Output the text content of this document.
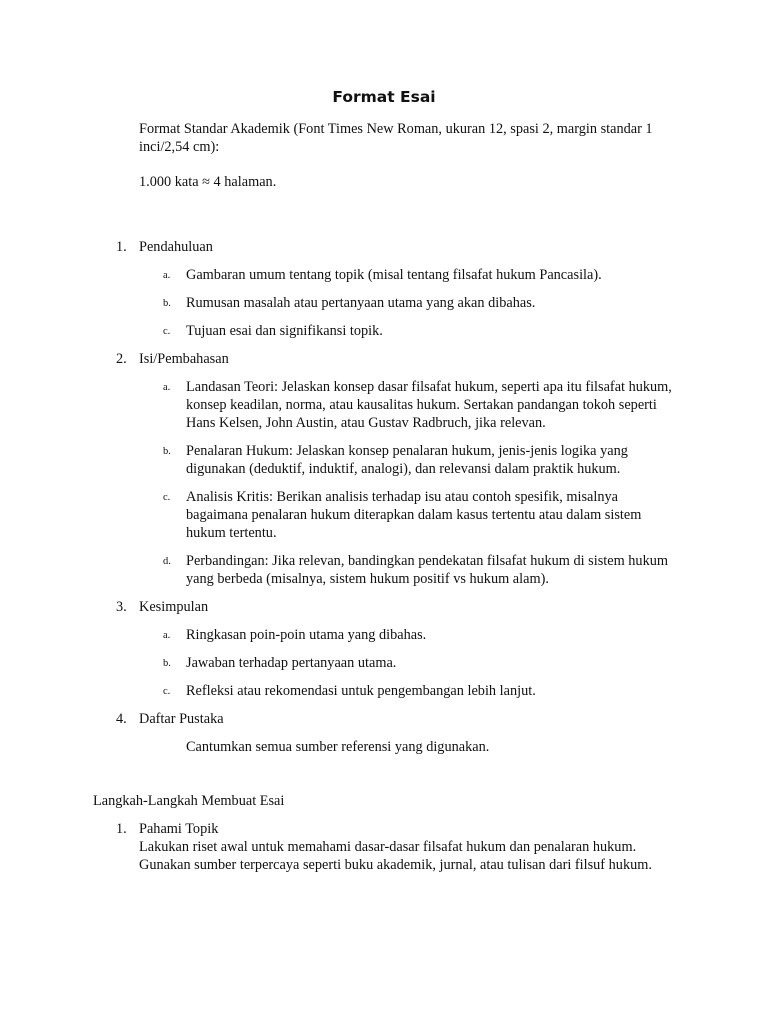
Format Esai

Format Standar Akademik (Font Times New Roman, ukuran 12, spasi 2, margin standar 1 inci/2,54 cm):

1.000 kata ≈ 4 halaman.

1. Pendahuluan
a. Gambaran umum tentang topik (misal tentang filsafat hukum Pancasila).
b. Rumusan masalah atau pertanyaan utama yang akan dibahas.
c. Tujuan esai dan signifikansi topik.
2. Isi/Pembahasan
a. Landasan Teori: Jelaskan konsep dasar filsafat hukum, seperti apa itu filsafat hukum, konsep keadilan, norma, atau kausalitas hukum. Sertakan pandangan tokoh seperti Hans Kelsen, John Austin, atau Gustav Radbruch, jika relevan.
b. Penalaran Hukum: Jelaskan konsep penalaran hukum, jenis-jenis logika yang digunakan (deduktif, induktif, analogi), dan relevansi dalam praktik hukum.
c. Analisis Kritis: Berikan analisis terhadap isu atau contoh spesifik, misalnya bagaimana penalaran hukum diterapkan dalam kasus tertentu atau dalam sistem hukum tertentu.
d. Perbandingan: Jika relevan, bandingkan pendekatan filsafat hukum di sistem hukum yang berbeda (misalnya, sistem hukum positif vs hukum alam).
3. Kesimpulan
a. Ringkasan poin-poin utama yang dibahas.
b. Jawaban terhadap pertanyaan utama.
c. Refleksi atau rekomendasi untuk pengembangan lebih lanjut.
4. Daftar Pustaka
Cantumkan semua sumber referensi yang digunakan.
Langkah-Langkah Membuat Esai
1. Pahami Topik
Lakukan riset awal untuk memahami dasar-dasar filsafat hukum dan penalaran hukum. Gunakan sumber terpercaya seperti buku akademik, jurnal, atau tulisan dari filsuf hukum.
